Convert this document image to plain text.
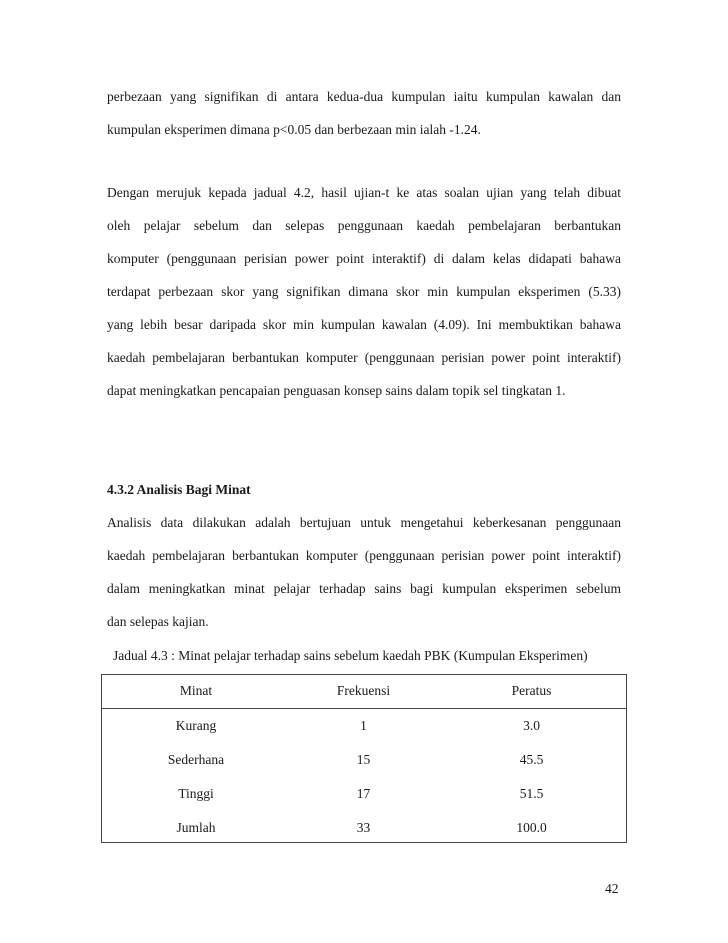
perbezaan yang signifikan di antara kedua-dua kumpulan iaitu kumpulan kawalan dan
kumpulan eksperimen dimana p<0.05 dan berbezaan min ialah -1.24.
Dengan merujuk kepada jadual 4.2, hasil ujian-t ke atas soalan ujian yang telah dibuat
oleh pelajar sebelum dan selepas penggunaan kaedah pembelajaran berbantukan
komputer (penggunaan perisian power point interaktif) di dalam kelas didapati bahawa
terdapat perbezaan skor yang signifikan dimana skor min kumpulan eksperimen (5.33)
yang lebih besar daripada skor min kumpulan kawalan (4.09). Ini membuktikan bahawa
kaedah pembelajaran berbantukan komputer (penggunaan perisian power point interaktif)
dapat meningkatkan pencapaian penguasan konsep sains dalam topik sel tingkatan 1.
4.3.2 Analisis Bagi Minat
Analisis data dilakukan adalah bertujuan untuk mengetahui keberkesanan penggunaan
kaedah pembelajaran berbantukan komputer (penggunaan perisian power point interaktif)
dalam meningkatkan minat pelajar terhadap sains bagi kumpulan eksperimen sebelum
dan selepas kajian.
Jadual 4.3 : Minat pelajar terhadap sains sebelum kaedah PBK (Kumpulan Eksperimen)
Minat	Frekuensi	Peratus
Kurang	1	3.0
Sederhana	15	45.5
Tinggi	17	51.5
Jumlah	33	100.0
42
